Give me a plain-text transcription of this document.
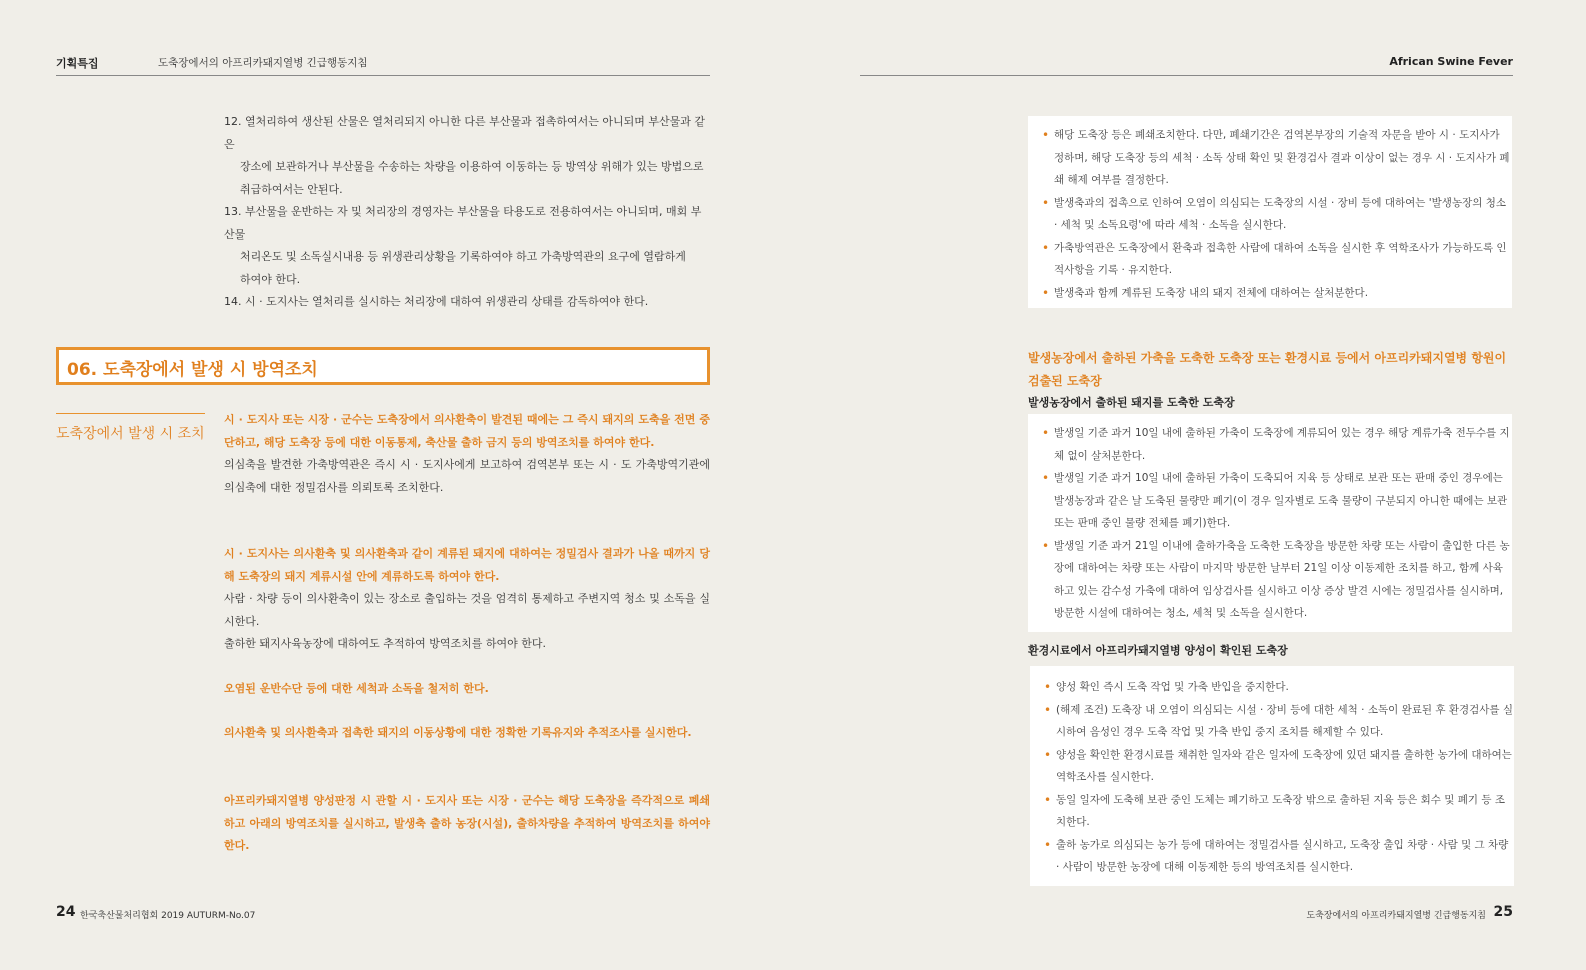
기획특집	도축장에서의 아프리카돼지열병 긴급행동지침	African Swine Fever
12. 열처리하여 생산된 산물은 열처리되지 아니한 다른 부산물과 접촉하여서는 아니되며 부산물과 같은
장소에 보관하거나 부산물을 수송하는 차량을 이용하여 이동하는 등 방역상 위해가 있는 방법으로
취급하여서는 안된다.
13. 부산물을 운반하는 자 및 처리장의 경영자는 부산물을 타용도로 전용하여서는 아니되며, 매회 부산물
처리온도 및 소독실시내용 등 위생관리상황을 기록하여야 하고 가축방역관의 요구에 열람하게
하여야 한다.
14. 시 · 도지사는 열처리를 실시하는 처리장에 대하여 위생관리 상태를 감독하여야 한다.
06. 도축장에서 발생 시 방역조치
도축장에서 발생 시 조치
시 · 도지사 또는 시장 · 군수는 도축장에서 의사환축이 발견된 때에는 그 즉시 돼지의 도축을 전면 중단하고, 해당 도축장 등에 대한 이동통제, 축산물 출하 금지 등의 방역조치를 하여야 한다.
의심축을 발견한 가축방역관은 즉시 시 · 도지사에게 보고하여 검역본부 또는 시 · 도 가축방역기관에 의심축에 대한 정밀검사를 의뢰토록 조치한다.
시 · 도지사는 의사환축 및 의사환축과 같이 계류된 돼지에 대하여는 정밀검사 결과가 나올 때까지 당해 도축장의 돼지 계류시설 안에 계류하도록 하여야 한다.
사람 · 차량 등이 의사환축이 있는 장소로 출입하는 것을 엄격히 통제하고 주변지역 청소 및 소독을 실시한다.
출하한 돼지사육농장에 대하여도 추적하여 방역조치를 하여야 한다.
오염된 운반수단 등에 대한 세척과 소독을 철저히 한다.
의사환축 및 의사환축과 접촉한 돼지의 이동상황에 대한 정확한 기록유지와 추적조사를 실시한다.
아프리카돼지열병 양성판정 시 관할 시 · 도지사 또는 시장 · 군수는 해당 도축장을 즉각적으로 폐쇄하고 아래의 방역조치를 실시하고, 발생축 출하 농장(시설), 출하차량을 추적하여 방역조치를 하여야 한다.
• 해당 도축장 등은 폐쇄조치한다. 다만, 폐쇄기간은 검역본부장의 기술적 자문을 받아 시 · 도지사가 정하며, 해당 도축장 등의 세척 · 소독 상태 확인 및 환경검사 결과 이상이 없는 경우 시 · 도지사가 폐쇄 해제 여부를 결정한다.
• 발생축과의 접촉으로 인하여 오염이 의심되는 도축장의 시설 · 장비 등에 대하여는 '발생농장의 청소 · 세척 및 소독요령'에 따라 세척 · 소독을 실시한다.
• 가축방역관은 도축장에서 환축과 접촉한 사람에 대하여 소독을 실시한 후 역학조사가 가능하도록 인적사항을 기록 · 유지한다.
• 발생축과 함께 계류된 도축장 내의 돼지 전체에 대하여는 살처분한다.
발생농장에서 출하된 가축을 도축한 도축장 또는 환경시료 등에서 아프리카돼지열병 항원이 검출된 도축장
발생농장에서 출하된 돼지를 도축한 도축장
• 발생일 기준 과거 10일 내에 출하된 가축이 도축장에 계류되어 있는 경우 해당 계류가축 전두수를 지체 없이 살처분한다.
• 발생일 기준 과거 10일 내에 출하된 가축이 도축되어 지육 등 상태로 보관 또는 판매 중인 경우에는 발생농장과 같은 날 도축된 물량만 폐기(이 경우 일자별로 도축 물량이 구분되지 아니한 때에는 보관 또는 판매 중인 물량 전체를 폐기)한다.
• 발생일 기준 과거 21일 이내에 출하가축을 도축한 도축장을 방문한 차량 또는 사람이 출입한 다른 농장에 대하여는 차량 또는 사람이 마지막 방문한 날부터 21일 이상 이동제한 조치를 하고, 함께 사육하고 있는 감수성 가축에 대하여 임상검사를 실시하고 이상 증상 발견 시에는 정밀검사를 실시하며, 방문한 시설에 대하여는 청소, 세척 및 소독을 실시한다.
환경시료에서 아프리카돼지열병 양성이 확인된 도축장
• 양성 확인 즉시 도축 작업 및 가축 반입을 중지한다.
• (해제 조건) 도축장 내 오염이 의심되는 시설 · 장비 등에 대한 세척 · 소독이 완료된 후 환경검사를 실시하여 음성인 경우 도축 작업 및 가축 반입 중지 조치를 해제할 수 있다.
• 양성을 확인한 환경시료를 채취한 일자와 같은 일자에 도축장에 있던 돼지를 출하한 농가에 대하여는 역학조사를 실시한다.
• 동일 일자에 도축해 보관 중인 도체는 폐기하고 도축장 밖으로 출하된 지육 등은 회수 및 폐기 등 조치한다.
• 출하 농가로 의심되는 농가 등에 대하여는 정밀검사를 실시하고, 도축장 출입 차량 · 사람 및 그 차량 · 사람이 방문한 농장에 대해 이동제한 등의 방역조치를 실시한다.
24 한국축산물처리협회 2019 AUTURM-No.07	도축장에서의 아프리카돼지열병 긴급행동지침 25
